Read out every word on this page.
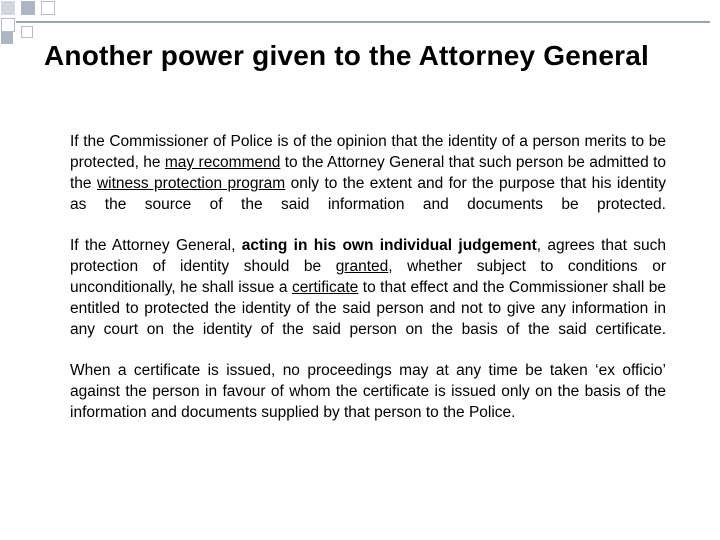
Another power given to the Attorney General

If the Commissioner of Police is of the opinion that the identity of a person merits to be protected, he may recommend to the Attorney General that such person be admitted to the witness protection program only to the extent and for the purpose that his identity as the source of the said information and documents be protected.

If the Attorney General, acting in his own individual judgement, agrees that such protection of identity should be granted, whether subject to conditions or unconditionally, he shall issue a certificate to that effect and the Commissioner shall be entitled to protected the identity of the said person and not to give any information in any court on the identity of the said person on the basis of the said certificate.

When a certificate is issued, no proceedings may at any time be taken ‘ex officio’ against the person in favour of whom the certificate is issued only on the basis of the information and documents supplied by that person to the Police.
